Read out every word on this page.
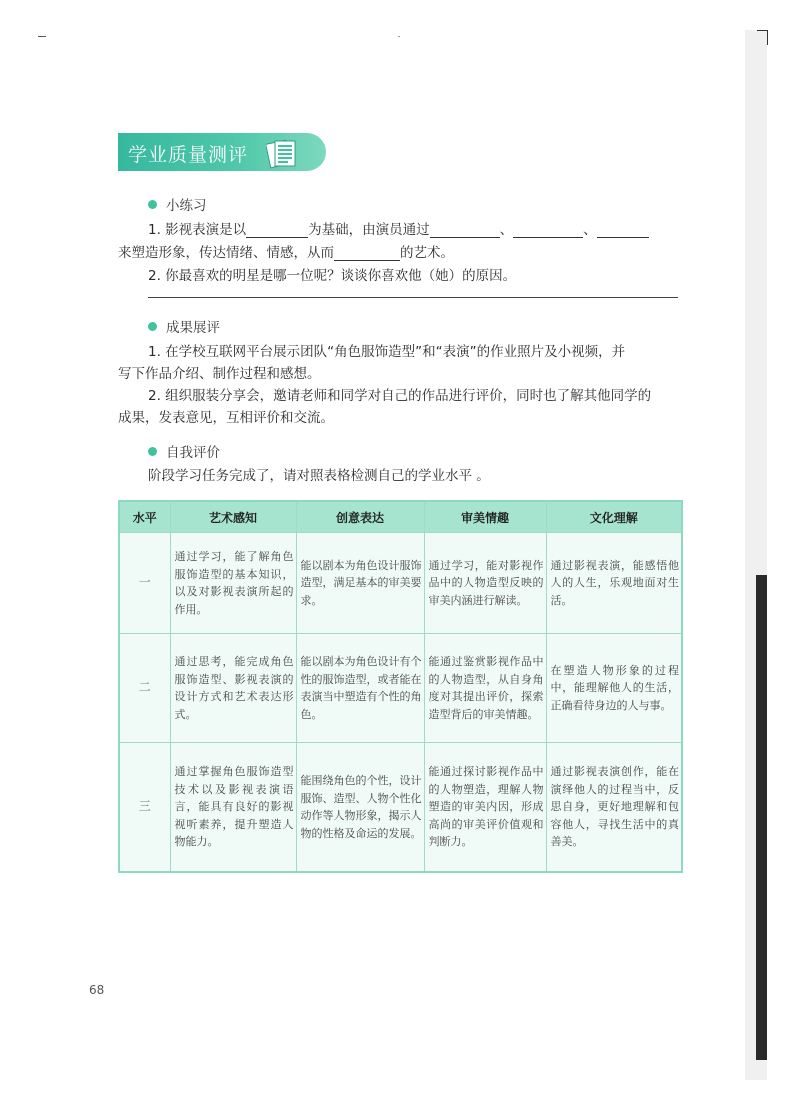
学业质量测评
小练习
1. 影视表演是以	为基础，由演员通过	、	、
来塑造形象，传达情绪、情感，从而	的艺术。
2. 你最喜欢的明星是哪一位呢？谈谈你喜欢他（她）的原因。
成果展评
1. 在学校互联网平台展示团队“角色服饰造型”和“表演”的作业照片及小视频，并
写下作品介绍、制作过程和感想。
2. 组织服装分享会，邀请老师和同学对自己的作品进行评价，同时也了解其他同学的
成果，发表意见，互相评价和交流。
自我评价
阶段学习任务完成了，请对照表格检测自己的学业水平 。
水平	艺术感知	创意表达	审美情趣	文化理解
一	通过学习，能了解角色服饰造型的基本知识，以及对影视表演所起的作用。	能以剧本为角色设计服饰造型，满足基本的审美要求。	通过学习，能对影视作品中的人物造型反映的审美内涵进行解读。	通过影视表演，能感悟他人的人生，乐观地面对生活。
二	通过思考，能完成角色服饰造型、影视表演的设计方式和艺术表达形式。	能以剧本为角色设计有个性的服饰造型，或者能在表演当中塑造有个性的角色。	能通过鉴赏影视作品中的人物造型，从自身角度对其提出评价，探索造型背后的审美情趣。	在塑造人物形象的过程中，能理解他人的生活，正确看待身边的人与事。
三	通过掌握角色服饰造型技术以及影视表演语言，能具有良好的影视视听素养，提升塑造人物能力。	能围绕角色的个性，设计服饰、造型、人物个性化动作等人物形象，揭示人物的性格及命运的发展。	能通过探讨影视作品中的人物塑造，理解人物塑造的审美内因，形成高尚的审美评价值观和判断力。	通过影视表演创作，能在演绎他人的过程当中，反思自身，更好地理解和包容他人，寻找生活中的真善美。
68
